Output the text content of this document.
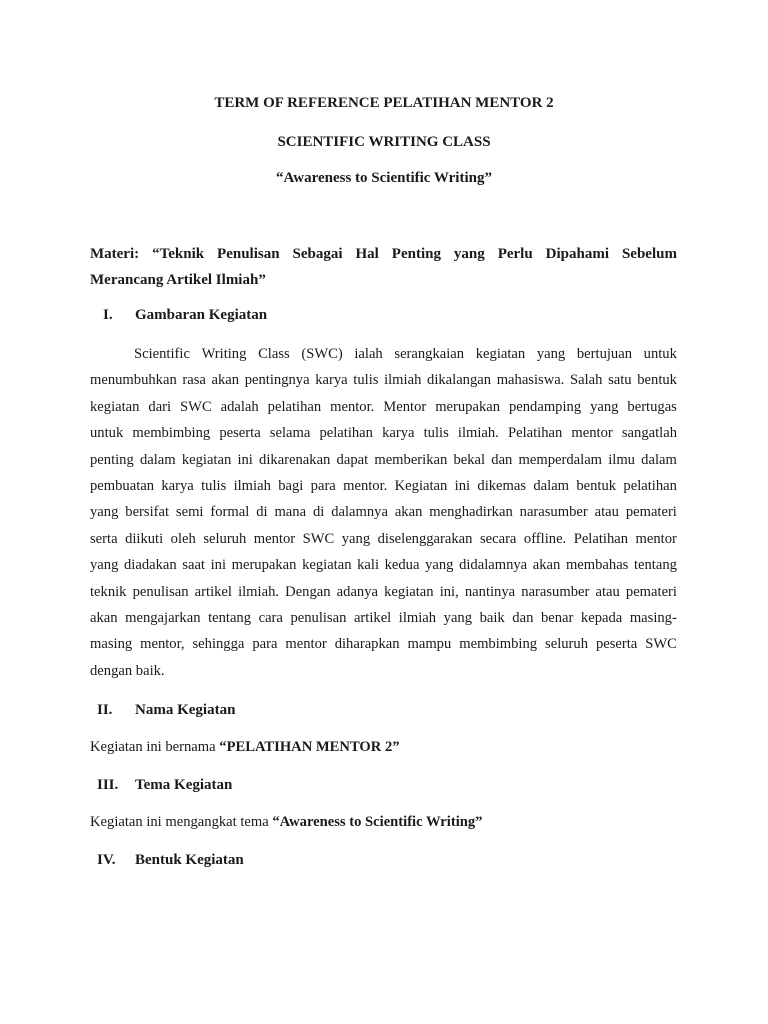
TERM OF REFERENCE PELATIHAN MENTOR 2
SCIENTIFIC WRITING CLASS
“Awareness to Scientific Writing”
Materi: “Teknik Penulisan Sebagai Hal Penting yang Perlu Dipahami Sebelum
Merancang Artikel Ilmiah”
I. Gambaran Kegiatan
Scientific Writing Class (SWC) ialah serangkaian kegiatan yang bertujuan untuk
menumbuhkan rasa akan pentingnya karya tulis ilmiah dikalangan mahasiswa. Salah satu bentuk
kegiatan dari SWC adalah pelatihan mentor. Mentor merupakan pendamping yang bertugas
untuk membimbing peserta selama pelatihan karya tulis ilmiah. Pelatihan mentor sangatlah
penting dalam kegiatan ini dikarenakan dapat memberikan bekal dan memperdalam ilmu dalam
pembuatan karya tulis ilmiah bagi para mentor. Kegiatan ini dikemas dalam bentuk pelatihan
yang bersifat semi formal di mana di dalamnya akan menghadirkan narasumber atau pemateri
serta diikuti oleh seluruh mentor SWC yang diselenggarakan secara offline. Pelatihan mentor
yang diadakan saat ini merupakan kegiatan kali kedua yang didalamnya akan membahas tentang
teknik penulisan artikel ilmiah. Dengan adanya kegiatan ini, nantinya narasumber atau pemateri
akan mengajarkan tentang cara penulisan artikel ilmiah yang baik dan benar kepada masing-
masing mentor, sehingga para mentor diharapkan mampu membimbing seluruh peserta SWC
dengan baik.
II. Nama Kegiatan
Kegiatan ini bernama “PELATIHAN MENTOR 2”
III. Tema Kegiatan
Kegiatan ini mengangkat tema “Awareness to Scientific Writing”
IV. Bentuk Kegiatan
